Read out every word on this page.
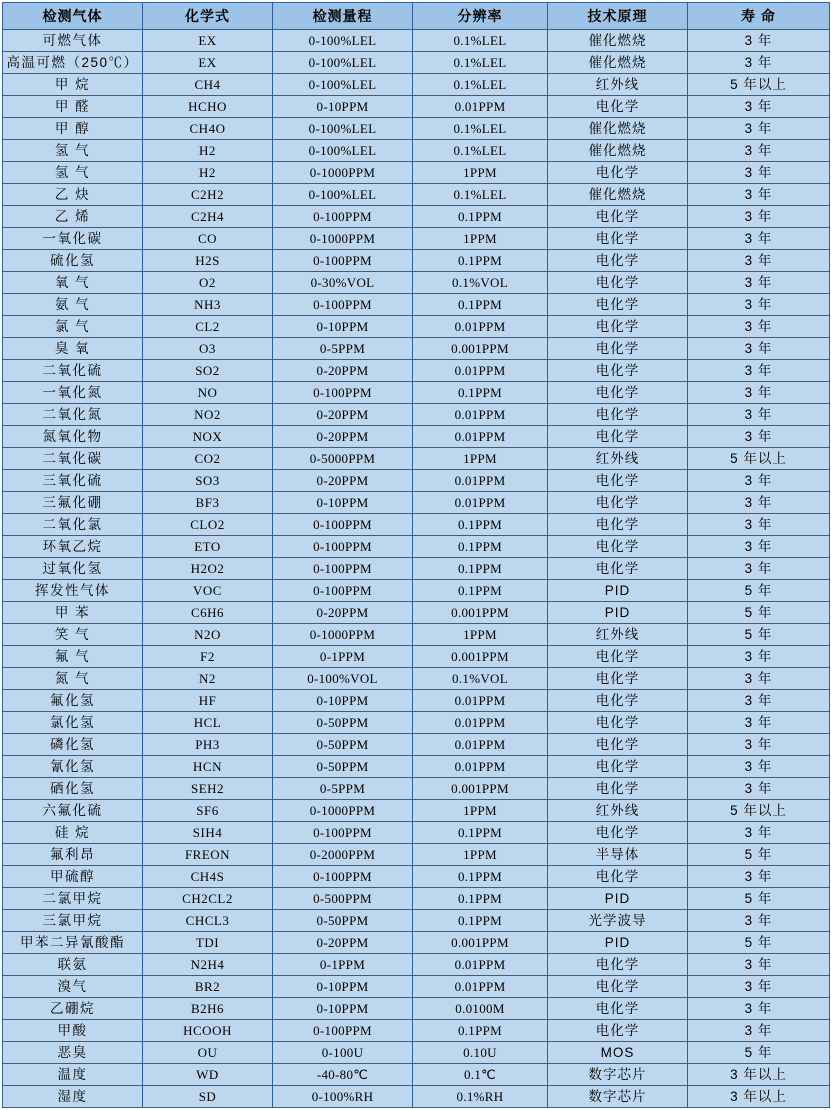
检测气体	化学式	检测量程	分辨率	技术原理	寿 命
可燃气体	EX	0-100%LEL	0.1%LEL	催化燃烧	3 年
高温可燃（250℃）	EX	0-100%LEL	0.1%LEL	催化燃烧	3 年
甲 烷	CH4	0-100%LEL	0.1%LEL	红外线	5 年以上
甲 醛	HCHO	0-10PPM	0.01PPM	电化学	3 年
甲 醇	CH4O	0-100%LEL	0.1%LEL	催化燃烧	3 年
氢 气	H2	0-100%LEL	0.1%LEL	催化燃烧	3 年
氢 气	H2	0-1000PPM	1PPM	电化学	3 年
乙 炔	C2H2	0-100%LEL	0.1%LEL	催化燃烧	3 年
乙 烯	C2H4	0-100PPM	0.1PPM	电化学	3 年
一氧化碳	CO	0-1000PPM	1PPM	电化学	3 年
硫化氢	H2S	0-100PPM	0.1PPM	电化学	3 年
氧 气	O2	0-30%VOL	0.1%VOL	电化学	3 年
氨 气	NH3	0-100PPM	0.1PPM	电化学	3 年
氯 气	CL2	0-10PPM	0.01PPM	电化学	3 年
臭 氧	O3	0-5PPM	0.001PPM	电化学	3 年
二氧化硫	SO2	0-20PPM	0.01PPM	电化学	3 年
一氧化氮	NO	0-100PPM	0.1PPM	电化学	3 年
二氧化氮	NO2	0-20PPM	0.01PPM	电化学	3 年
氮氧化物	NOX	0-20PPM	0.01PPM	电化学	3 年
二氧化碳	CO2	0-5000PPM	1PPM	红外线	5 年以上
三氧化硫	SO3	0-20PPM	0.01PPM	电化学	3 年
三氟化硼	BF3	0-10PPM	0.01PPM	电化学	3 年
二氧化氯	CLO2	0-100PPM	0.1PPM	电化学	3 年
环氧乙烷	ETO	0-100PPM	0.1PPM	电化学	3 年
过氧化氢	H2O2	0-100PPM	0.1PPM	电化学	3 年
挥发性气体	VOC	0-100PPM	0.1PPM	PID	5 年
甲 苯	C6H6	0-20PPM	0.001PPM	PID	5 年
笑 气	N2O	0-1000PPM	1PPM	红外线	5 年
氟 气	F2	0-1PPM	0.001PPM	电化学	3 年
氮 气	N2	0-100%VOL	0.1%VOL	电化学	3 年
氟化氢	HF	0-10PPM	0.01PPM	电化学	3 年
氯化氢	HCL	0-50PPM	0.01PPM	电化学	3 年
磷化氢	PH3	0-50PPM	0.01PPM	电化学	3 年
氰化氢	HCN	0-50PPM	0.01PPM	电化学	3 年
硒化氢	SEH2	0-5PPM	0.001PPM	电化学	3 年
六氟化硫	SF6	0-1000PPM	1PPM	红外线	5 年以上
硅 烷	SIH4	0-100PPM	0.1PPM	电化学	3 年
氟利昂	FREON	0-2000PPM	1PPM	半导体	5 年
甲硫醇	CH4S	0-100PPM	0.1PPM	电化学	3 年
二氯甲烷	CH2CL2	0-500PPM	0.1PPM	PID	5 年
三氯甲烷	CHCL3	0-50PPM	0.1PPM	光学波导	3 年
甲苯二异氰酸酯	TDI	0-20PPM	0.001PPM	PID	5 年
联氨	N2H4	0-1PPM	0.01PPM	电化学	3 年
溴气	BR2	0-10PPM	0.01PPM	电化学	3 年
乙硼烷	B2H6	0-10PPM	0.0100M	电化学	3 年
甲酸	HCOOH	0-100PPM	0.1PPM	电化学	3 年
恶臭	OU	0-100U	0.10U	MOS	5 年
温度	WD	-40-80℃	0.1℃	数字芯片	3 年以上
湿度	SD	0-100%RH	0.1%RH	数字芯片	3 年以上
